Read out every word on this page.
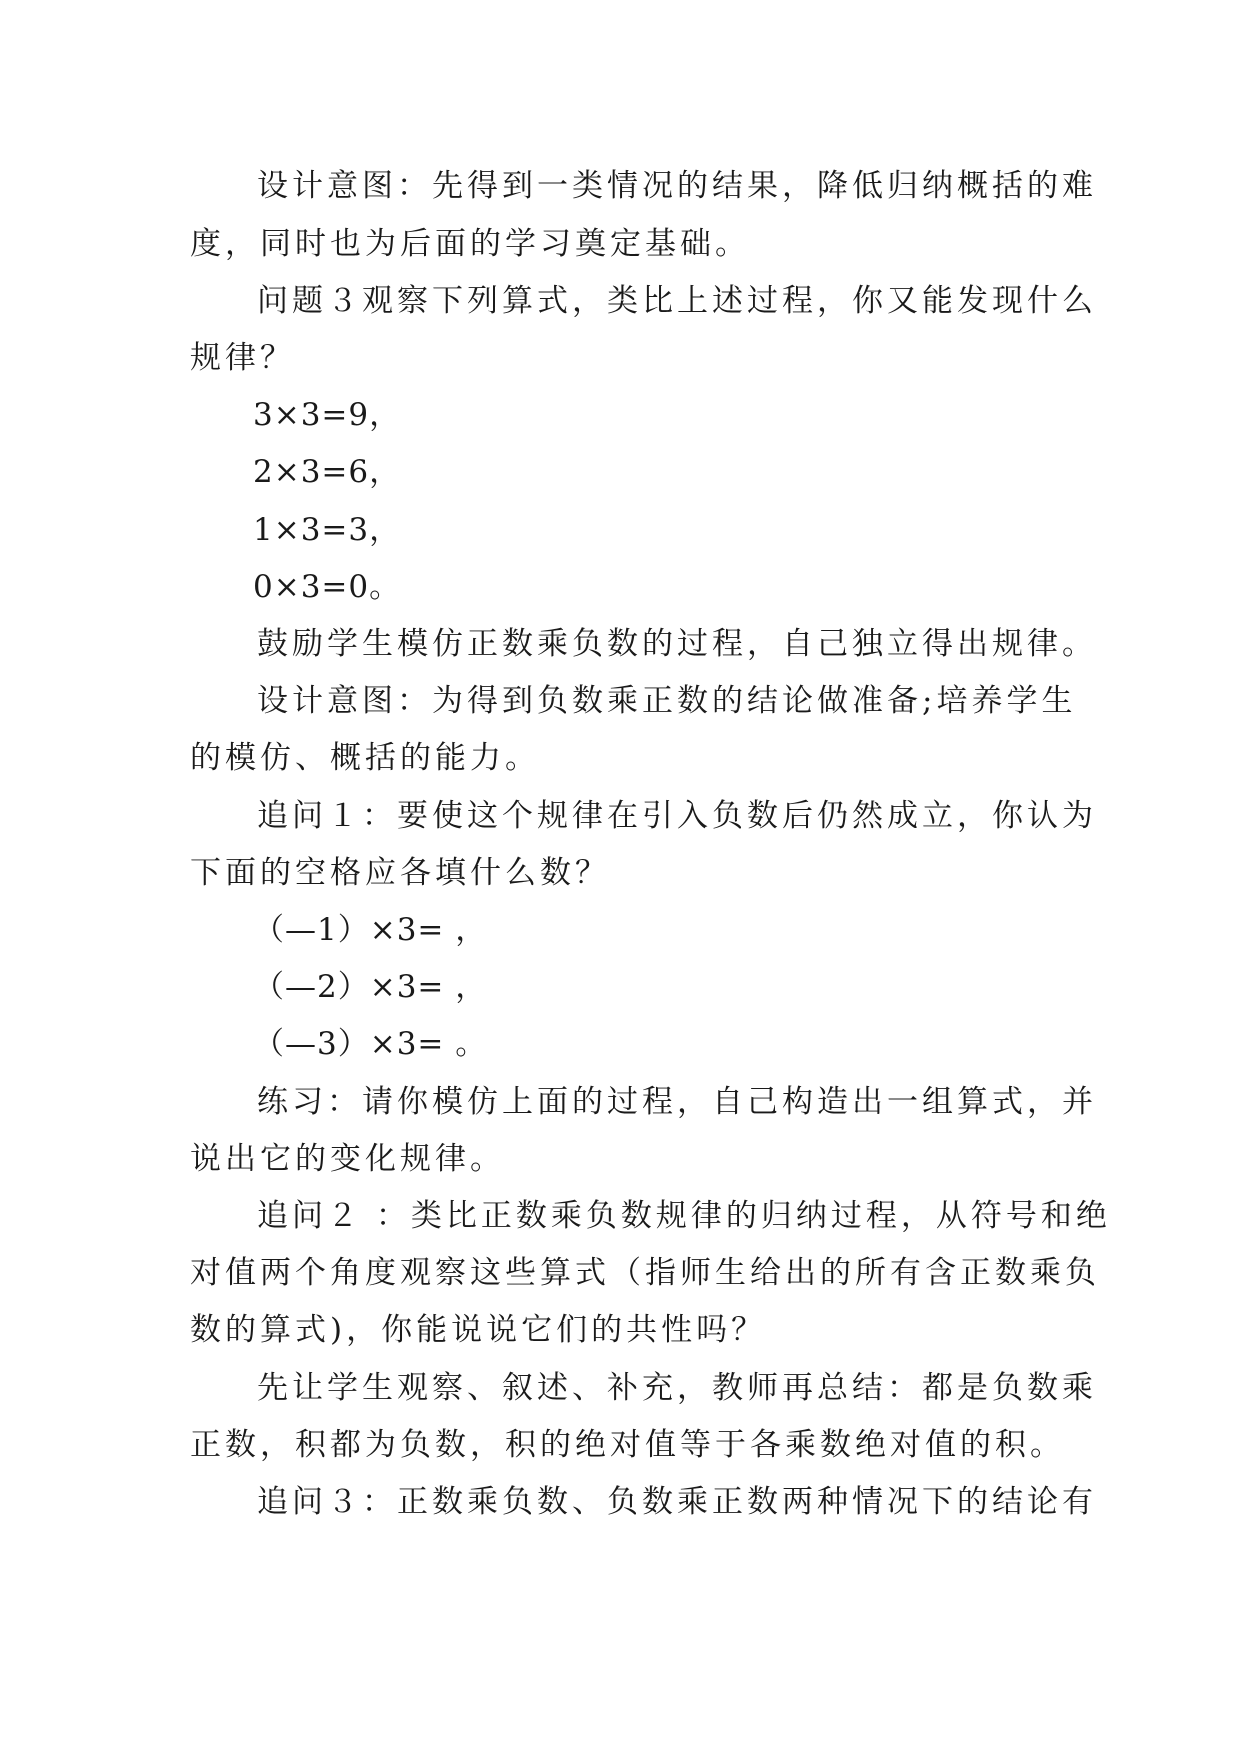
设计意图：先得到一类情况的结果，降低归纳概括的难
度，同时也为后面的学习奠定基础。
问题３观察下列算式，类比上述过程，你又能发现什么
规律？
3×3=9，
2×3=6，
1×3=3，
0×3=0。
鼓励学生模仿正数乘负数的过程，自己独立得出规律。
设计意图：为得到负数乘正数的结论做准备;培养学生
的模仿、概括的能力。
追问１：要使这个规律在引入负数后仍然成立，你认为
下面的空格应各填什么数？
（—1）×3= ，
（—2）×3= ，
（—3）×3= 。
练习：请你模仿上面的过程，自己构造出一组算式，并
说出它的变化规律。
追问２ ：类比正数乘负数规律的归纳过程，从符号和绝
对值两个角度观察这些算式（指师生给出的所有含正数乘负
数的算式)，你能说说它们的共性吗？
先让学生观察、叙述、补充，教师再总结：都是负数乘
正数，积都为负数，积的绝对值等于各乘数绝对值的积。
追问３：正数乘负数、负数乘正数两种情况下的结论有
